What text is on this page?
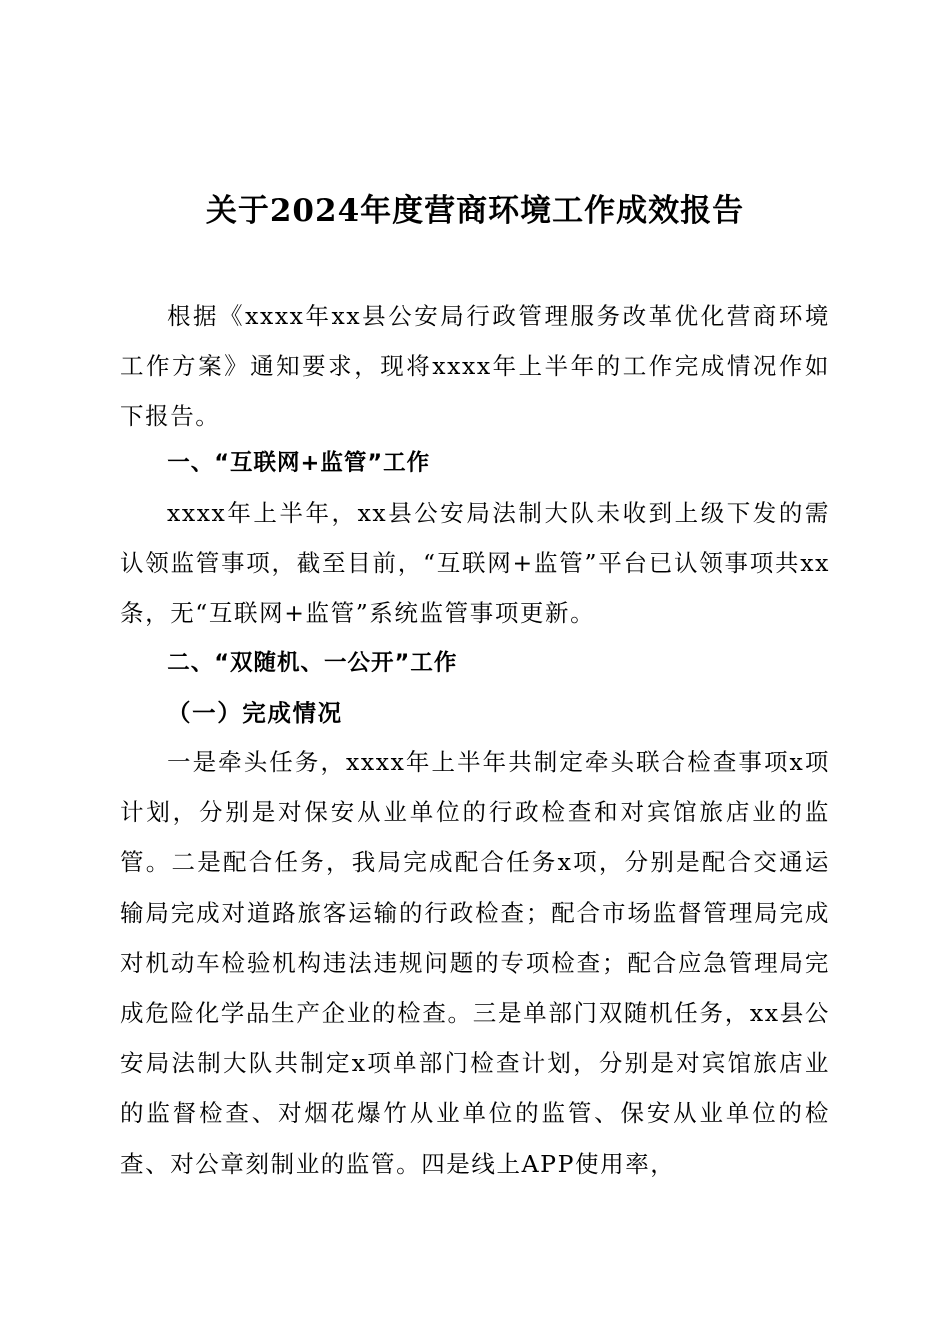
关于2024年度营商环境工作成效报告

根据《xxxx年xx县公安局行政管理服务改革优化营商环境工作方案》通知要求，现将xxxx年上半年的工作完成情况作如下报告。

一、“互联网+监管”工作

xxxx年上半年，xx县公安局法制大队未收到上级下发的需认领监管事项，截至目前，“互联网+监管”平台已认领事项共xx条，无“互联网+监管”系统监管事项更新。

二、“双随机、一公开”工作
（一）完成情况

一是牵头任务，xxxx年上半年共制定牵头联合检查事项x项计划，分别是对保安从业单位的行政检查和对宾馆旅店业的监管。二是配合任务，我局完成配合任务x项，分别是配合交通运输局完成对道路旅客运输的行政检查；配合市场监督管理局完成对机动车检验机构违法违规问题的专项检查；配合应急管理局完成危险化学品生产企业的检查。三是单部门双随机任务，xx县公安局法制大队共制定x项单部门检查计划，分别是对宾馆旅店业的监督检查、对烟花爆竹从业单位的监管、保安从业单位的检查、对公章刻制业的监管。四是线上APP使用率，
